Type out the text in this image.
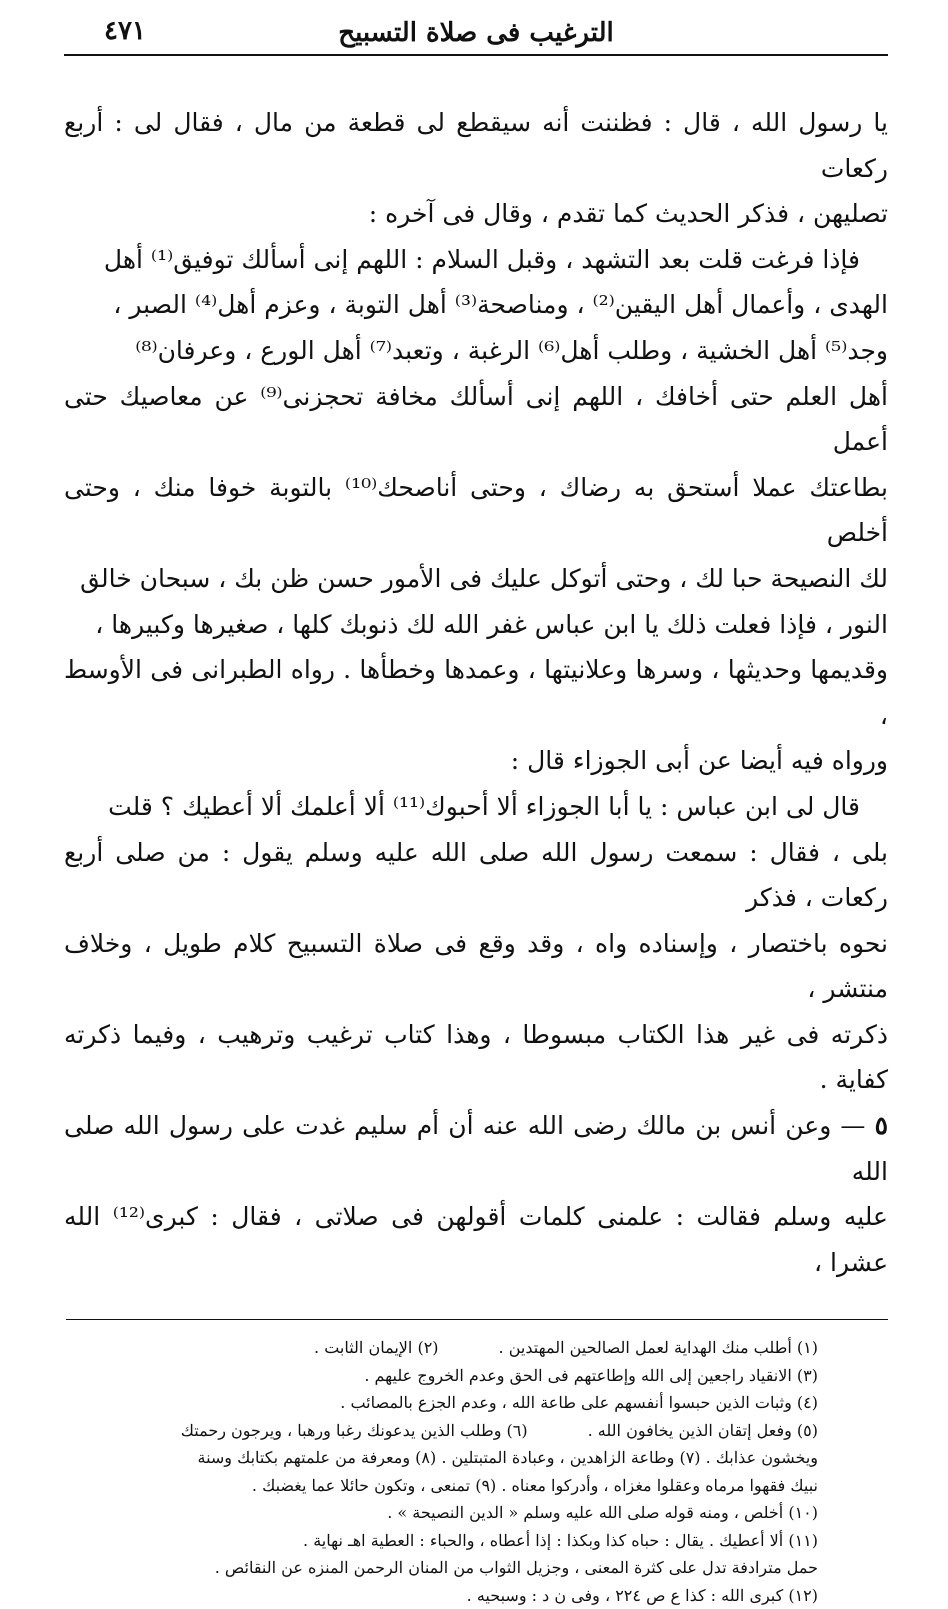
الترغيب فى صلاة التسبيح
٤٧١

يا رسول الله ، قال : فظننت أنه سيقطع لى قطعة من مال ، فقال لى : أربع ركعات

تصليهن ، فذكر الحديث كما تقدم ، وقال فى آخره :

فإذا فرغت قلت بعد التشهد ، وقبل السلام : اللهم إنى أسألك توفيق⁽¹⁾ أهل

الهدى ، وأعمال أهل اليقين⁽²⁾ ، ومناصحة⁽³⁾ أهل التوبة ، وعزم أهل⁽⁴⁾ الصبر ،

وجد⁽⁵⁾ أهل الخشية ، وطلب أهل⁽⁶⁾ الرغبة ، وتعبد⁽⁷⁾ أهل الورع ، وعرفان⁽⁸⁾

أهل العلم حتى أخافك ، اللهم إنى أسألك مخافة تحجزنى⁽⁹⁾ عن معاصيك حتى أعمل

بطاعتك عملا أستحق به رضاك ، وحتى أناصحك⁽¹⁰⁾ بالتوبة خوفا منك ، وحتى أخلص

لك النصيحة حبا لك ، وحتى أتوكل عليك فى الأمور حسن ظن بك ، سبحان خالق

النور ، فإذا فعلت ذلك يا ابن عباس غفر الله لك ذنوبك كلها ، صغيرها وكبيرها ،

وقديمها وحديثها ، وسرها وعلانيتها ، وعمدها وخطأها . رواه الطبرانى فى الأوسط ،

ورواه فيه أيضا عن أبى الجوزاء قال :

قال لى ابن عباس : يا أبا الجوزاء ألا أحبوك⁽¹¹⁾ ألا أعلمك ألا أعطيك ؟ قلت

بلى ، فقال : سمعت رسول الله صلى الله عليه وسلم يقول : من صلى أربع ركعات ، فذكر

نحوه باختصار ، وإسناده واه ، وقد وقع فى صلاة التسبيح كلام طويل ، وخلاف منتشر ،

ذكرته فى غير هذا الكتاب مبسوطا ، وهذا كتاب ترغيب وترهيب ، وفيما ذكرته كفاية .

٥ — وعن أنس بن مالك رضى الله عنه أن أم سليم غدت على رسول الله صلى الله

عليه وسلم فقالت : علمنى كلمات أقولهن فى صلاتى ، فقال : كبرى⁽¹²⁾ الله عشرا ،

(١) أطلب منك الهداية لعمل الصالحين المهتدين .(٢) الإيمان الثابت .

(٣) الانقياد راجعين إلى الله وإطاعتهم فى الحق وعدم الخروج عليهم .

(٤) وثبات الذين حبسوا أنفسهم على طاعة الله ، وعدم الجزع بالمصائب .

(٥) وفعل إتقان الذين يخافون الله .(٦) وطلب الذين يدعونك رغبا ورهبا ، ويرجون رحمتك

ويخشون عذابك . (٧) وطاعة الزاهدين ، وعبادة المتبتلين . (٨) ومعرفة من علمتهم بكتابك وسنة

نبيك فقهوا مرماه وعقلوا مغزاه ، وأدركوا معناه . (٩) تمنعى ، وتكون حائلا عما يغضبك .

(١٠) أخلص ، ومنه قوله صلى الله عليه وسلم « الدين النصيحة » .

(١١) ألا أعطيك . يقال : حباه كذا وبكذا : إذا أعطاه ، والحباء : العطية اهـ نهاية .

حمل مترادفة تدل على كثرة المعنى ، وجزيل الثواب من المنان الرحمن المنزه عن النقائص .

(١٢) كبرى الله : كذا ع ص ٢٢٤ ، وفى ن د : وسبحيه .
